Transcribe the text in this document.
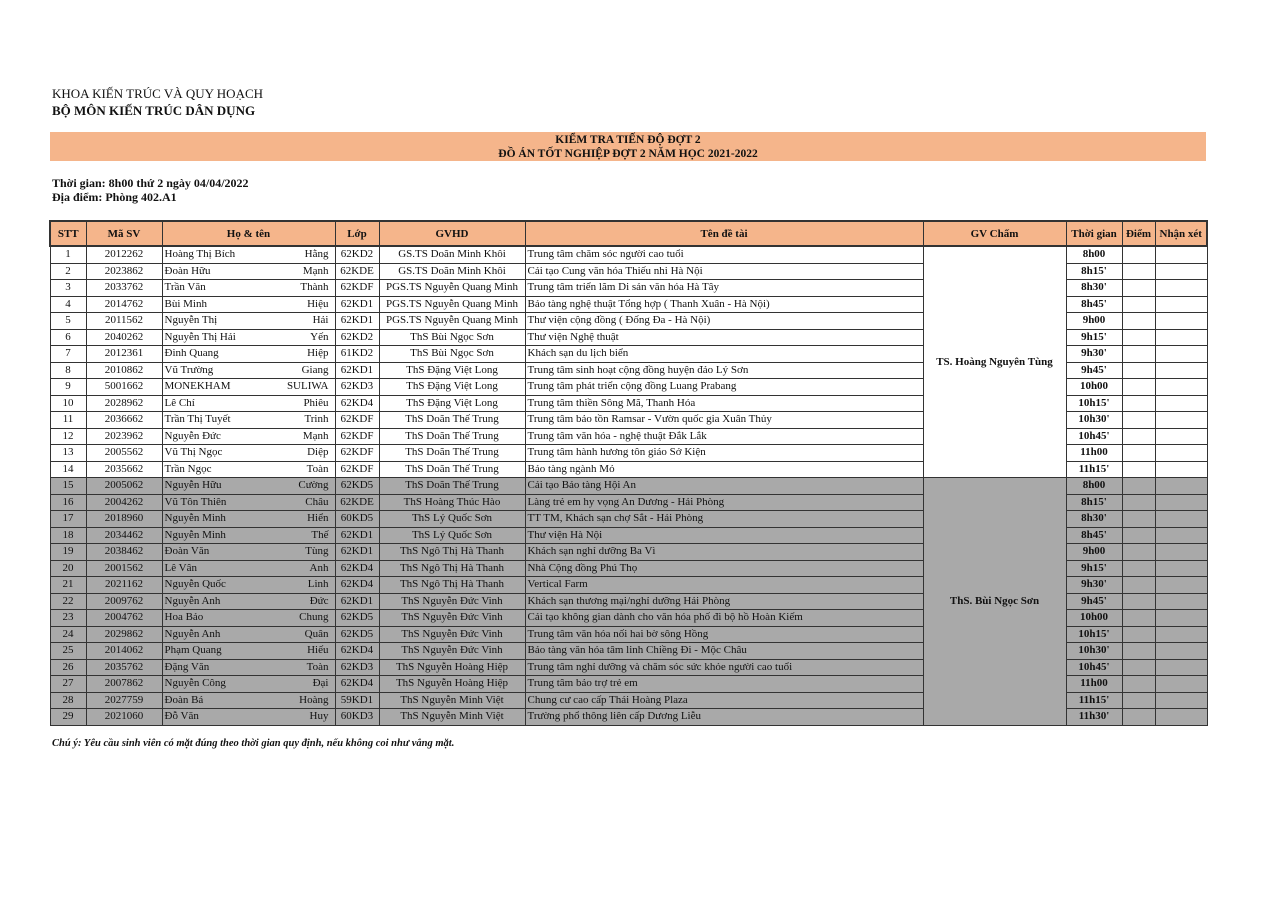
KHOA KIẾN TRÚC VÀ QUY HOẠCH
BỘ MÔN KIẾN TRÚC DÂN DỤNG
KIỂM TRA TIẾN ĐỘ ĐỢT 2
ĐỒ ÁN TỐT NGHIỆP ĐỢT 2 NĂM HỌC 2021-2022
Thời gian: 8h00 thứ 2 ngày 04/04/2022
Địa điểm: Phòng 402.A1
STT	Mã SV	Họ & tên	Lớp	GVHD	Tên đề tài	GV Chấm	Thời gian	Điểm	Nhận xét
1	2012262	Hoàng Thị Bích Hằng	62KD2	GS.TS Doãn Minh Khôi	Trung tâm chăm sóc người cao tuổi	TS. Hoàng Nguyên Tùng	8h00		
2	2023862	Đoàn Hữu Mạnh	62KDE	GS.TS Doãn Minh Khôi	Cải tạo Cung văn hóa Thiếu nhi Hà Nội		8h15'		
3	2033762	Trần Văn Thành	62KDF	PGS.TS Nguyễn Quang Minh	Trung tâm triển lãm Di sản văn hóa Hà Tây		8h30'		
4	2014762	Bùi Minh Hiệu	62KD1	PGS.TS Nguyễn Quang Minh	Bảo tàng nghệ thuật Tổng hợp ( Thanh Xuân - Hà Nội)		8h45'		
5	2011562	Nguyễn Thị Hải	62KD1	PGS.TS Nguyễn Quang Minh	Thư viện cộng đồng ( Đống Đa - Hà Nội)		9h00		
6	2040262	Nguyễn Thị Hải Yến	62KD2	ThS Bùi Ngọc Sơn	Thư viện Nghệ thuật		9h15'		
7	2012361	Đinh Quang Hiệp	61KD2	ThS Bùi Ngọc Sơn	Khách sạn du lịch biển		9h30'		
8	2010862	Vũ Trường Giang	62KD1	ThS Đặng Việt Long	Trung tâm sinh hoạt cộng đồng huyện đảo Lý Sơn		9h45'		
9	5001662	MONEKHAM SULIWA	62KD3	ThS Đặng Việt Long	Trung tâm phát triển cộng đồng Luang Prabang		10h00		
10	2028962	Lê Chí Phiêu	62KD4	ThS Đặng Việt Long	Trung tâm thiền Sông Mã, Thanh Hóa		10h15'		
11	2036662	Trần Thị Tuyết Trinh	62KDF	ThS Doãn Thế Trung	Trung tâm bảo tồn Ramsar - Vườn quốc gia Xuân Thủy		10h30'		
12	2023962	Nguyễn Đức Mạnh	62KDF	ThS Doãn Thế Trung	Trung tâm văn hóa - nghệ thuật Đắk Lắk		10h45'		
13	2005562	Vũ Thị Ngọc Diệp	62KDF	ThS Doãn Thế Trung	Trung tâm hành hương tôn giáo Sở Kiện		11h00		
14	2035662	Trần Ngọc Toàn	62KDF	ThS Doãn Thế Trung	Bảo tàng ngành Mỏ		11h15'		
15	2005062	Nguyễn Hữu Cường	62KD5	ThS Doãn Thế Trung	Cải tạo Bảo tàng Hội An	ThS. Bùi Ngọc Sơn	8h00		
16	2004262	Vũ Tôn Thiên Châu	62KDE	ThS Hoàng Thúc Hào	Làng trẻ em hy vọng An Dương - Hải Phòng		8h15'		
17	2018960	Nguyễn Minh Hiển	60KD5	ThS Lý Quốc Sơn	TT TM, Khách sạn chợ Sắt - Hải Phòng		8h30'		
18	2034462	Nguyễn Minh Thế	62KD1	ThS Lý Quốc Sơn	Thư viện Hà Nội		8h45'		
19	2038462	Đoàn Văn Tùng	62KD1	ThS Ngô Thị Hà Thanh	Khách sạn nghỉ dưỡng Ba Vì		9h00		
20	2001562	Lê Vân Anh	62KD4	ThS Ngô Thị Hà Thanh	Nhà Cộng đồng Phú Thọ		9h15'		
21	2021162	Nguyễn Quốc Linh	62KD4	ThS Ngô Thị Hà Thanh	Vertical Farm		9h30'		
22	2009762	Nguyễn Anh Đức	62KD1	ThS Nguyễn Đức Vinh	Khách sạn thương mại/nghỉ dưỡng Hải Phòng		9h45'		
23	2004762	Hoa Bảo Chung	62KD5	ThS Nguyễn Đức Vinh	Cải tạo không gian dành cho văn hóa phố đi bộ hồ Hoàn Kiếm		10h00		
24	2029862	Nguyễn Anh Quân	62KD5	ThS Nguyễn Đức Vinh	Trung tâm văn hóa nối hai bờ sông Hồng		10h15'		
25	2014062	Phạm Quang Hiếu	62KD4	ThS Nguyễn Đức Vinh	Bảo tàng văn hóa tâm linh Chiềng Đi - Mộc Châu		10h30'		
26	2035762	Đặng Văn Toàn	62KD3	ThS Nguyễn Hoàng Hiệp	Trung tâm nghỉ dưỡng và chăm sóc sức khỏe người cao tuổi		10h45'		
27	2007862	Nguyễn Công Đại	62KD4	ThS Nguyễn Hoàng Hiệp	Trung tâm bảo trợ trẻ em		11h00		
28	2027759	Đoàn Bá Hoàng	59KD1	ThS Nguyễn Minh Việt	Chung cư cao cấp Thái Hoàng Plaza		11h15'		
29	2021060	Đỗ Văn Huy	60KD3	ThS Nguyễn Minh Việt	Trường phổ thông liên cấp Dương Liễu		11h30'		
Chú ý: Yêu cầu sinh viên có mặt đúng theo thời gian quy định, nếu không coi như vắng mặt.
